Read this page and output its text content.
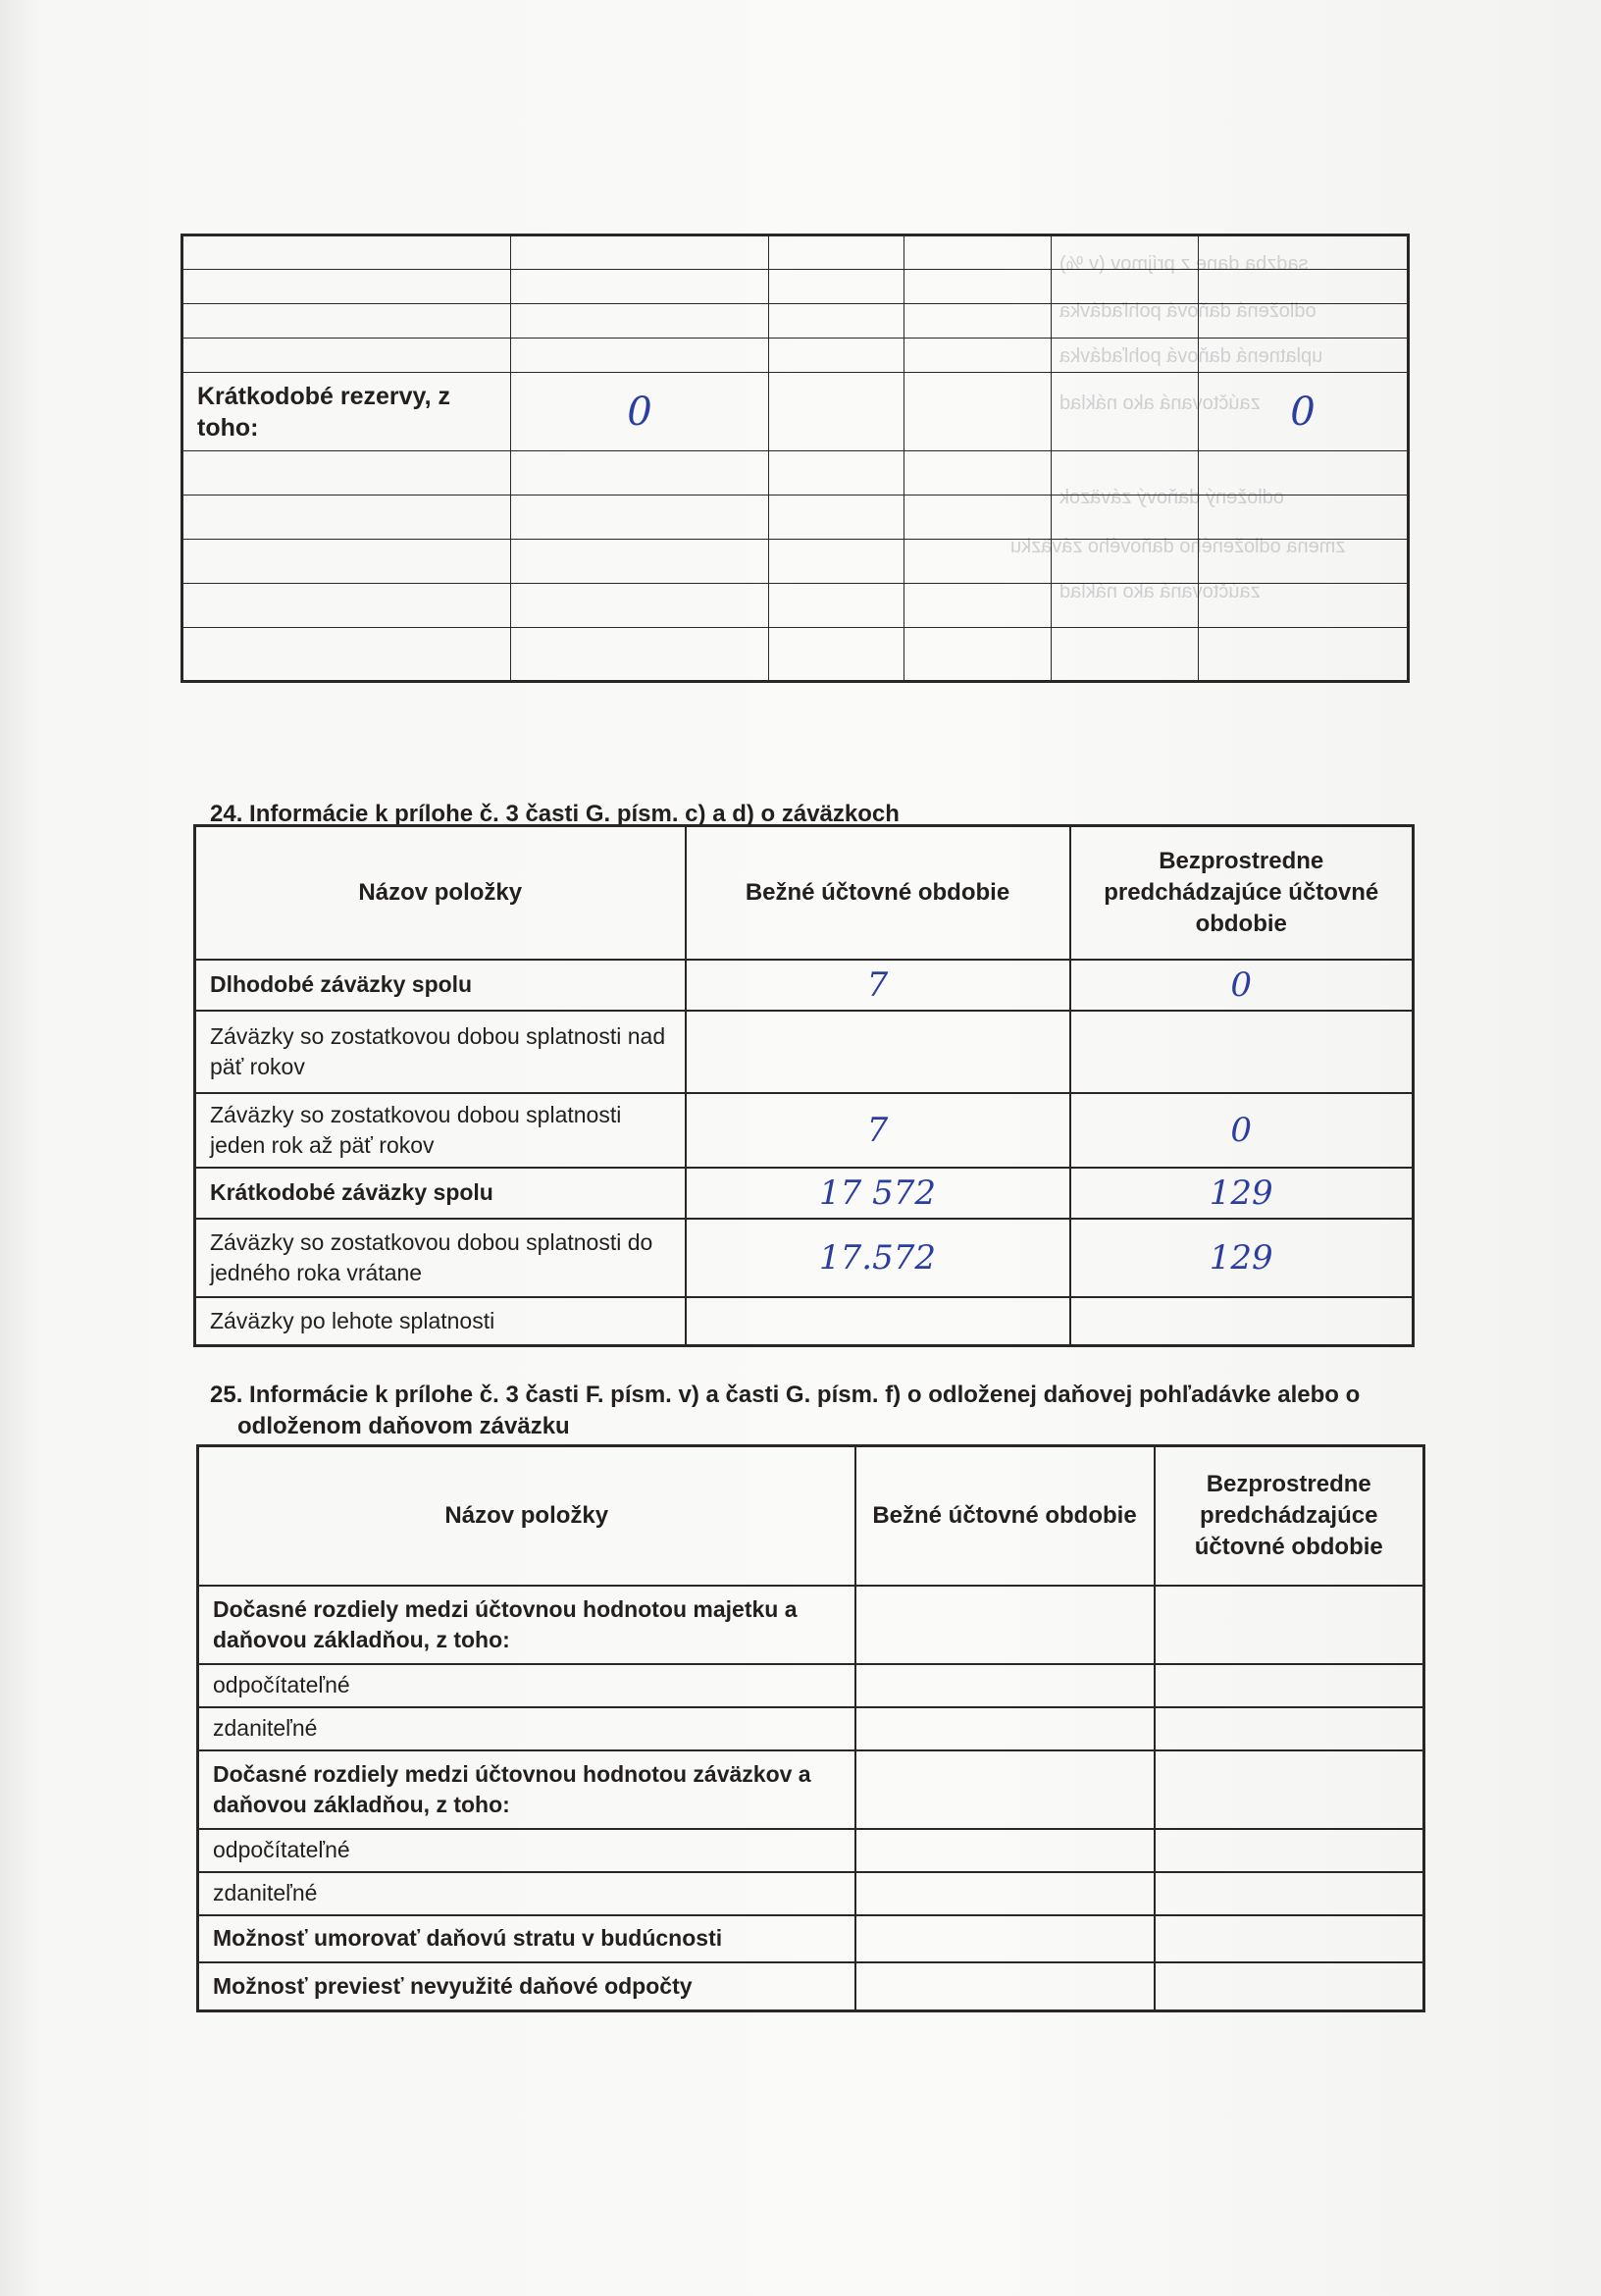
sadzba dane z príjmov (v %)
odložená daňová pohľadávka
uplatnená daňová pohľadávka
zaúčtovaná ako náklad
odložený daňový záväzok
zmena odloženého daňového záväzku
zaúčtovaná ako náklad

Krátkodobé rezervy, z toho:	0				0

24. Informácie k prílohe č. 3 časti G. písm. c) a d) o záväzkoch
Názov položky	Bežné účtovné obdobie	Bezprostredne predchádzajúce účtovné obdobie
Dlhodobé záväzky spolu	7	0
Záväzky so zostatkovou dobou splatnosti nad päť rokov		
Záväzky so zostatkovou dobou splatnosti jeden rok až päť rokov	7	0
Krátkodobé záväzky spolu	17 572	129
Záväzky so zostatkovou dobou splatnosti do jedného roka vrátane	17.572	129
Záväzky po lehote splatnosti		
25. Informácie k prílohe č. 3 časti F. písm. v) a časti G. písm. f) o odloženej daňovej pohľadávke alebo o
odloženom daňovom záväzku
Názov položky	Bežné účtovné obdobie	Bezprostredne predchádzajúce účtovné obdobie
Dočasné rozdiely medzi účtovnou hodnotou majetku a daňovou základňou, z toho:		
odpočítateľné		
zdaniteľné		
Dočasné rozdiely medzi účtovnou hodnotou záväzkov a daňovou základňou, z toho:		
odpočítateľné		
zdaniteľné		
Možnosť umorovať daňovú stratu v budúcnosti		
Možnosť previesť nevyužité daňové odpočty		
